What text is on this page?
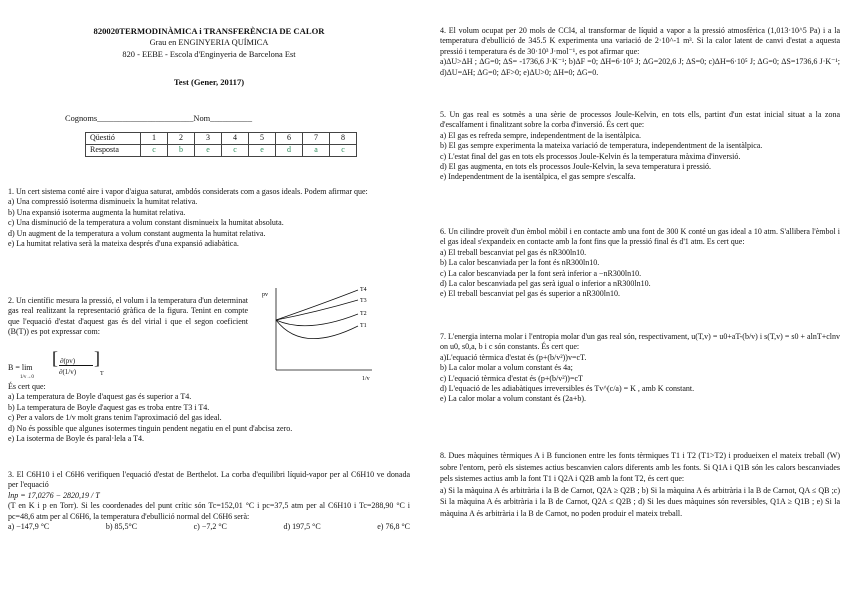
820020TERMODINÀMICA i TRANSFERÈNCIA DE CALOR
Grau en ENGINYERIA QUÍMICA
820 - EEBE - Escola d'Enginyeria de Barcelona Est
Test (Gener, 20117)
Cognoms_______________________Nom__________
Qüestió	1	2	3	4	5	6	7	8
Resposta	c	b	e	c	e	d	a	c

1. Un cert sistema conté aire i vapor d'aigua saturat, ambdós considerats com a gasos ideals. Podem afirmar que:

a) Una compressió isoterma disminueix la humitat relativa.

b) Una expansió isoterma augmenta la humitat relativa.

c) Una disminució de la temperatura a volum constant disminueix la humitat absoluta.

d) Un augment de la temperatura a volum constant augmenta la humitat relativa.

e) La humitat relativa serà la mateixa després d'una expansió adiabàtica.

2. Un científic mesura la pressió, el volum i la temperatura d'un determinat gas real realitzant la representació gràfica de la figura. Tenint en compte que l'equació d'estat d'aquest gas és del virial i que el segon coeficient (B(T)) es pot expressar com:

B = lim
1/v→0
[ ∂(pv)
∂(1/v)
]
T

És cert que:

a) La temperatura de Boyle d'aquest gas és superior a T4.

b) La temperatura de Boyle d'aquest gas es troba entre T3 i T4.

c) Per a valors de 1/v molt grans tenim l'aproximació del gas ideal.

d) No és possible que algunes isotermes tinguin pendent negatiu en el punt d'abcisa zero.

e) La isoterma de Boyle és paral·lela a T4.

pv
1/v
T4
T3
T2
T1

3. El C6H10 i el C6H6 verifiquen l'equació d'estat de Berthelot. La corba d'equilibri líquid-vapor per al C6H10 ve donada per l'equació

lnp = 17,0276 − 2820,19 / T

(T en K i p en Torr). Si les coordenades del punt crític són Tc=152,01 °C i pc=37,5 atm per al C6H10 i Tc=288,90 °C i pc=48,6 atm per al C6H6, la temperatura d'ebullició normal del C6H6 serà:

a) −147,9 °C	b) 85,5°C	c) −7,2 °C	d) 197,5 °C	e) 76,8 °C

4. El volum ocupat per 20 mols de CCl4, al transformar de líquid a vapor a la pressió atmosfèrica (1,013·10^5 Pa) i a la temperatura d'ebullició de 345.5 K experimenta una variació de 2·10^-1 m³. Si la calor latent de canvi d'estat a aquesta pressió i temperatura és de 30·10³ J·mol⁻¹, es pot afirmar que:

a)ΔU>ΔH ; ΔG=0; ΔS= -1736,6 J·K⁻¹; b)ΔF =0; ΔH=6·10⁵ J; ΔG=202,6 J; ΔS=0; c)ΔH=6·10⁵ J; ΔG=0; ΔS=1736,6 J·K⁻¹; d)ΔU=ΔH; ΔG=0; ΔF>0; e)ΔU>0; ΔH=0; ΔG=0.

5. Un gas real es sotmès a una sèrie de processos Joule-Kelvin, en tots ells, partint d'un estat inicial situat a la zona d'escalfament i finalitzant sobre la corba d'inversió. És cert que:

a) El gas es refreda sempre, independentment de la isentàlpica.

b) El gas sempre experimenta la mateixa variació de temperatura, independentment de la isentàlpica.

c) L'estat final del gas en tots els processos Joule-Kelvin és la temperatura màxima d'inversió.

d) El gas augmenta, en tots els processos Joule-Kelvin, la seva temperatura i pressió.

e) Independentment de la isentàlpica, el gas sempre s'escalfa.

6. Un cilindre proveït d'un èmbol mòbil i en contacte amb una font de 300 K conté un gas ideal a 10 atm. S'allibera l'èmbol i el gas ideal s'expandeix en contacte amb la font fins que la pressió final és d'1 atm. Es cert que:

a) El treball bescanviat pel gas és nR300ln10.

b) La calor bescanviada per la font és nR300ln10.

c) La calor bescanviada per la font serà inferior a −nR300ln10.

d) La calor bescanviada pel gas serà igual o inferior a nR300ln10.

e) El treball bescanviat pel gas és superior a nR300ln10.

7. L'energia interna molar i l'entropia molar d'un gas real són, respectivament, u(T,v) = u0+aT-(b/v) i s(T,v) = s0 + alnT+clnv on u0, s0,a, b i c són constants. És cert que:

a)L'equació tèrmica d'estat és (p+(b/v²))v=cT.

b) La calor molar a volum constant és 4a;

c) L'equació tèrmica d'estat és (p+(b/v²))=cT

d) L'equació de les adiabàtiques irreversibles és Tv^(c/a) = K , amb K constant.

e) La calor molar a volum constant és (2a+b).

8. Dues màquines tèrmiques A i B funcionen entre les fonts tèrmiques T1 i T2 (T1>T2) i produeixen el mateix treball (W) sobre l'entorn, però els sistemes actius bescanvien calors diferents amb les fonts. Si Q1A i Q1B són les calors bescanviades pels sistemes actius amb la font T1 i Q2A i Q2B amb la font T2, és cert que:

a) Si la màquina A és arbitrària i la B de Carnot, Q2A ≥ Q2B ; b) Si la màquina A és arbitrària i la B de Carnot, QA ≤ QB ;c) Si la màquina A és arbitrària i la B de Carnot, Q2A ≤ Q2B ; d) Si les dues màquines són reversibles, Q1A ≥ Q1B ; e) Si la màquina A és arbitrària i la B de Carnot, no poden produir el mateix treball.
